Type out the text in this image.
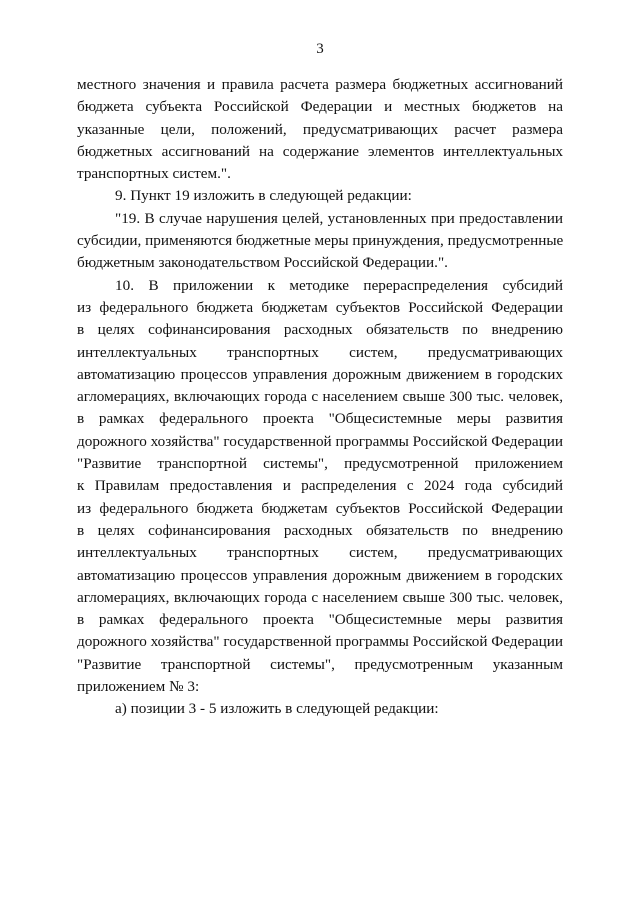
3
местного значения и правила расчета размера бюджетных ассигнований
бюджета субъекта Российской Федерации и местных бюджетов на
указанные цели, положений, предусматривающих расчет размера
бюджетных ассигнований на содержание элементов интеллектуальных
транспортных систем.".
9. Пункт 19 изложить в следующей редакции:
"19. В случае нарушения целей, установленных при предоставлении
субсидии, применяются бюджетные меры принуждения, предусмотренные
бюджетным законодательством Российской Федерации.".
10. В приложении к методике перераспределения субсидий
из федерального бюджета бюджетам субъектов Российской Федерации
в целях софинансирования расходных обязательств по внедрению
интеллектуальных транспортных систем, предусматривающих
автоматизацию процессов управления дорожным движением в городских
агломерациях, включающих города с населением свыше 300 тыс. человек,
в рамках федерального проекта "Общесистемные меры развития
дорожного хозяйства" государственной программы Российской Федерации
"Развитие транспортной системы", предусмотренной приложением
к Правилам предоставления и распределения с 2024 года субсидий
из федерального бюджета бюджетам субъектов Российской Федерации
в целях софинансирования расходных обязательств по внедрению
интеллектуальных транспортных систем, предусматривающих
автоматизацию процессов управления дорожным движением в городских
агломерациях, включающих города с населением свыше 300 тыс. человек,
в рамках федерального проекта "Общесистемные меры развития
дорожного хозяйства" государственной программы Российской Федерации
"Развитие транспортной системы", предусмотренным указанным
приложением № 3:
а) позиции 3 - 5 изложить в следующей редакции:
